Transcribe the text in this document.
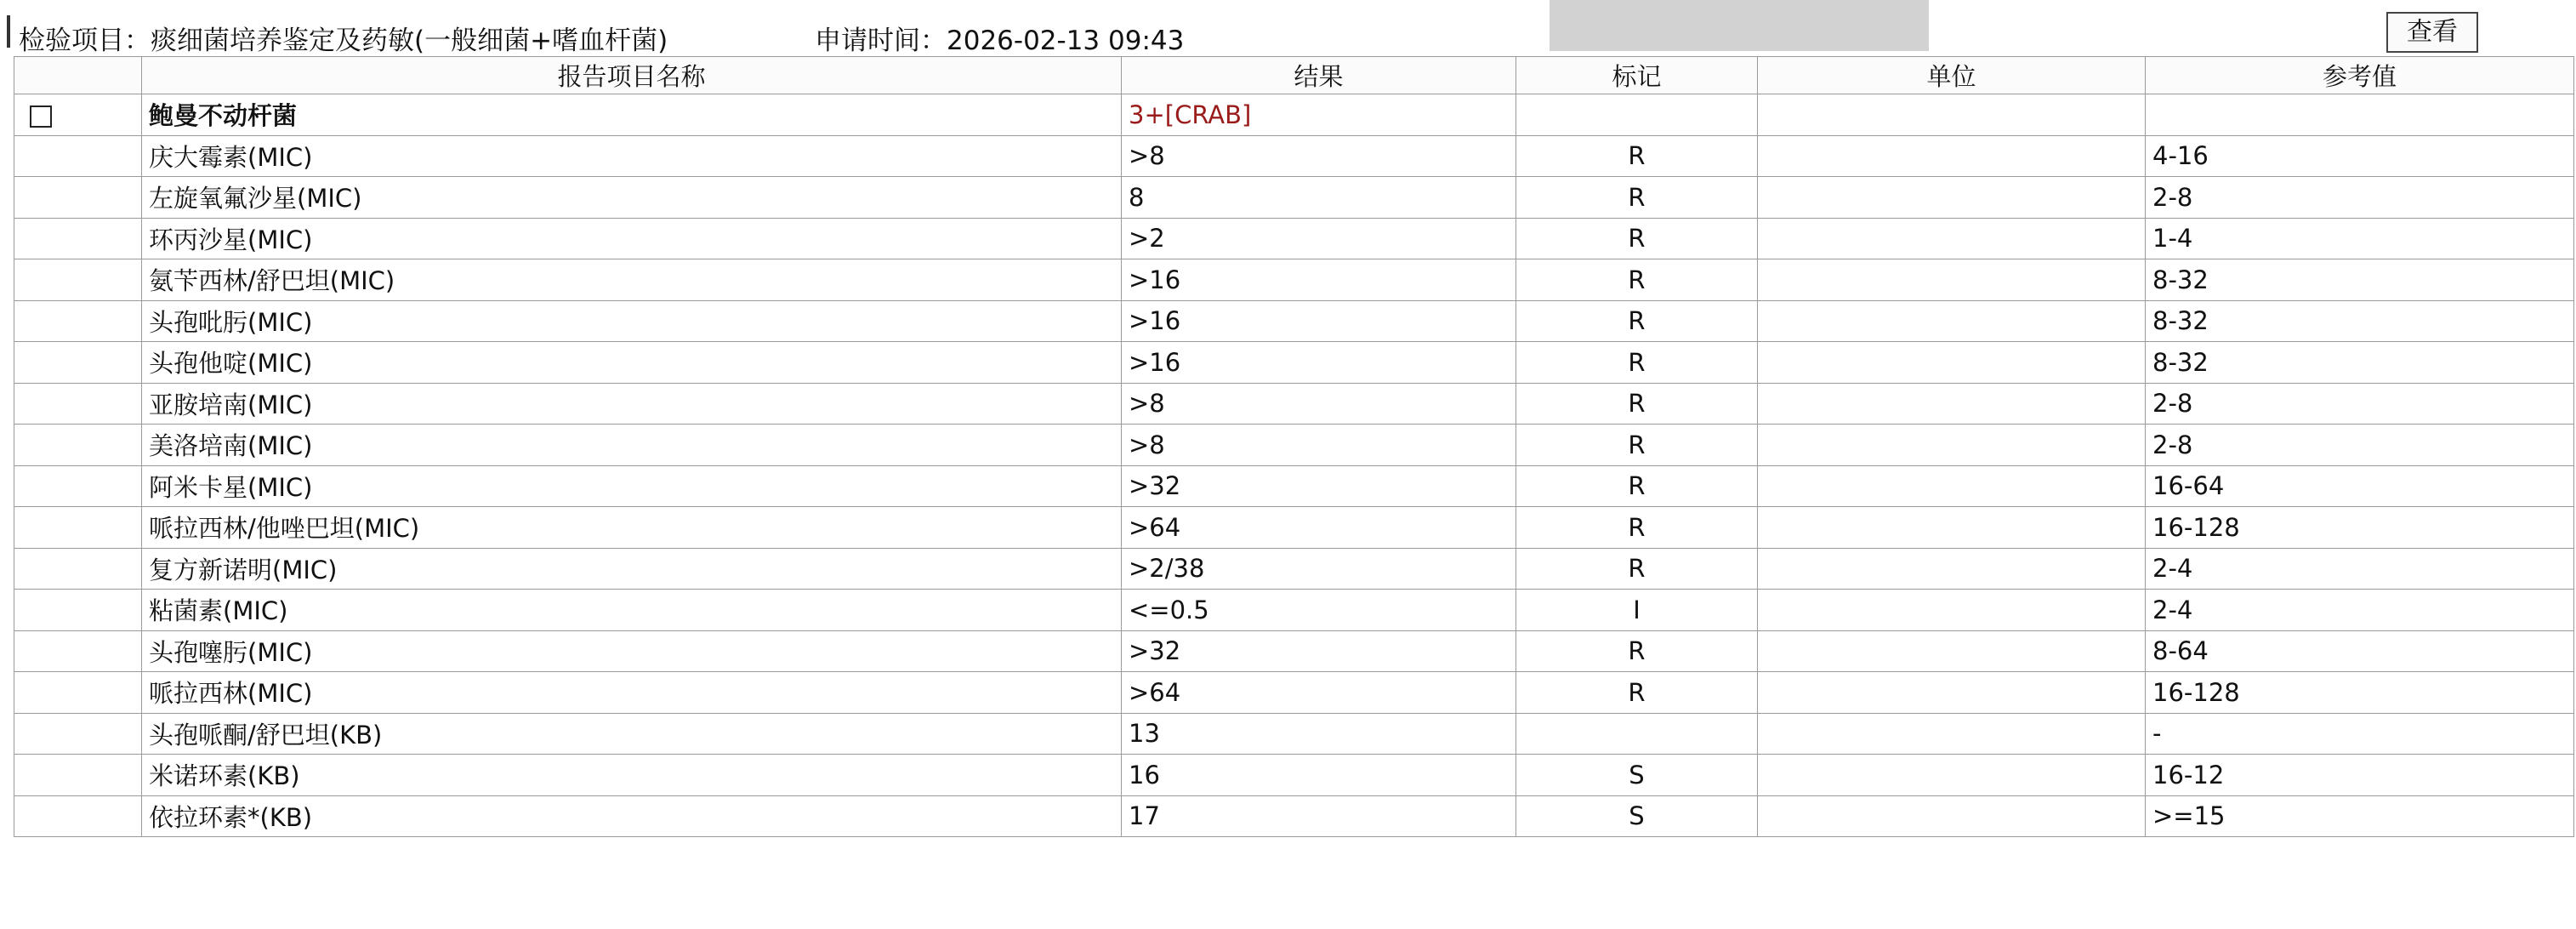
检验项目：痰细菌培养鉴定及药敏(一般细菌+嗜血杆菌)	申请时间：2026-02-13 09:43	查看
	报告项目名称	结果	标记	单位	参考值
	鲍曼不动杆菌	3+[CRAB]			
	庆大霉素(MIC)	>8	R		4-16
	左旋氧氟沙星(MIC)	8	R		2-8
	环丙沙星(MIC)	>2	R		1-4
	氨苄西林/舒巴坦(MIC)	>16	R		8-32
	头孢吡肟(MIC)	>16	R		8-32
	头孢他啶(MIC)	>16	R		8-32
	亚胺培南(MIC)	>8	R		2-8
	美洛培南(MIC)	>8	R		2-8
	阿米卡星(MIC)	>32	R		16-64
	哌拉西林/他唑巴坦(MIC)	>64	R		16-128
	复方新诺明(MIC)	>2/38	R		2-4
	粘菌素(MIC)	<=0.5	I		2-4
	头孢噻肟(MIC)	>32	R		8-64
	哌拉西林(MIC)	>64	R		16-128
	头孢哌酮/舒巴坦(KB)	13			-
	米诺环素(KB)	16	S		16-12
	依拉环素*(KB)	17	S		>=15
